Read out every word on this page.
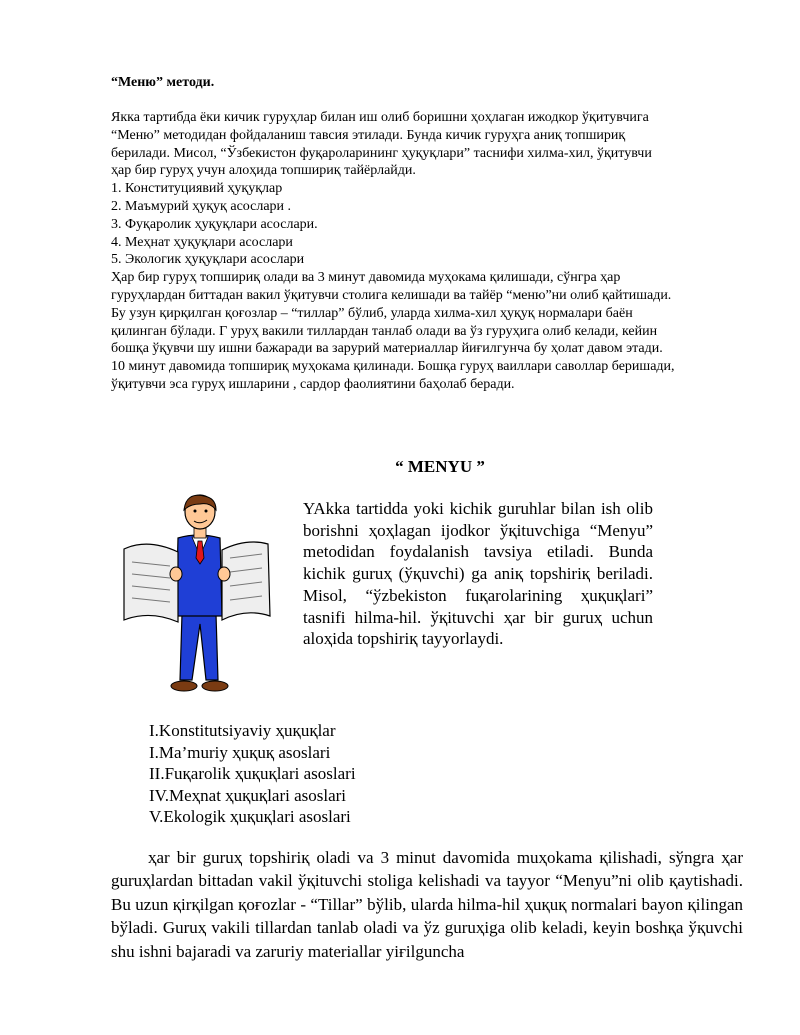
“Меню” методи.

Якка тартибда ёки кичик гуруҳлар билан иш олиб боришни ҳоҳлаган ижодкор ўқитувчига
“Меню” методидан фойдаланиш тавсия этилади. Бунда кичик гуруҳга аниқ топшириқ
берилади. Мисол, “Ўзбекистон фуқароларининг ҳуқуқлари” таснифи хилма-хил, ўқитувчи
ҳар бир гуруҳ учун алоҳида топшириқ тайёрлайди.
1. Конституциявий ҳуқуқлар
2. Маъмурий ҳуқуқ асослари .
3. Фуқаролик ҳуқуқлари асослари.
4. Меҳнат ҳуқуқлари асослари
5. Экологик ҳуқуқлари асослари
Ҳар бир гуруҳ топшириқ олади ва 3 минут давомида муҳокама қилишади, сўнгра ҳар
гуруҳлардан биттадан вакил ўқитувчи столига келишади ва тайёр “меню”ни олиб қайтишади.
Бу узун қирқилган қоғозлар – “тиллар” бўлиб, уларда хилма-хил ҳуқуқ нормалари баён
қилинган бўлади. Г уруҳ вакили тиллардан танлаб олади ва ўз гуруҳига олиб келади, кейин
бошқа ўқувчи шу ишни бажаради ва зарурий материаллар йиғилгунча бу ҳолат давом этади.
10 минут давомида топшириқ муҳокама қилинади. Бошқа гуруҳ ваиллари саволлар беришади,
ўқитувчи эса гуруҳ ишларини , сардор фаолиятини баҳолаб беради.
“ MENYU ”

YAkka tartidda yoki kichik guruhlar bilan ish olib borishni ҳoҳlagan ijodkor ўқituvchiga “Menyu” metodidan foydalanish tavsiya etiladi. Bunda kichik guruҳ (ўқuvchi) ga aniқ topshiriқ beriladi. Misol, “ўzbekiston fuқarolarining ҳuқuқlari” tasnifi hilma-hil. ўқituvchi ҳar bir guruҳ uchun aloҳida topshiriқ tayyorlaydi.

I.Konstitutsiyaviy ҳuқuқlar
I.Ma’muriy ҳuқuқ asoslari
II.Fuқarolik ҳuқuқlari asoslari
IV.Meҳnat ҳuқuқlari asoslari
V.Ekologik ҳuқuқlari asoslari

ҳar bir guruҳ topshiriқ oladi va 3 minut davomida muҳokama қilishadi, sўngra ҳar guruҳlardan bittadan vakil ўқituvchi stoliga kelishadi va tayyor “Menyu”ni olib қaytishadi. Bu uzun қirқilgan қoғozlar - “Tillar” bўlib, ularda hilma-hil ҳuқuқ normalari bayon қilingan bўladi. Guruҳ vakili tillardan tanlab oladi va ўz guruҳiga olib keladi, keyin boshқa ўқuvchi shu ishni bajaradi va zaruriy materiallar yiғilguncha
